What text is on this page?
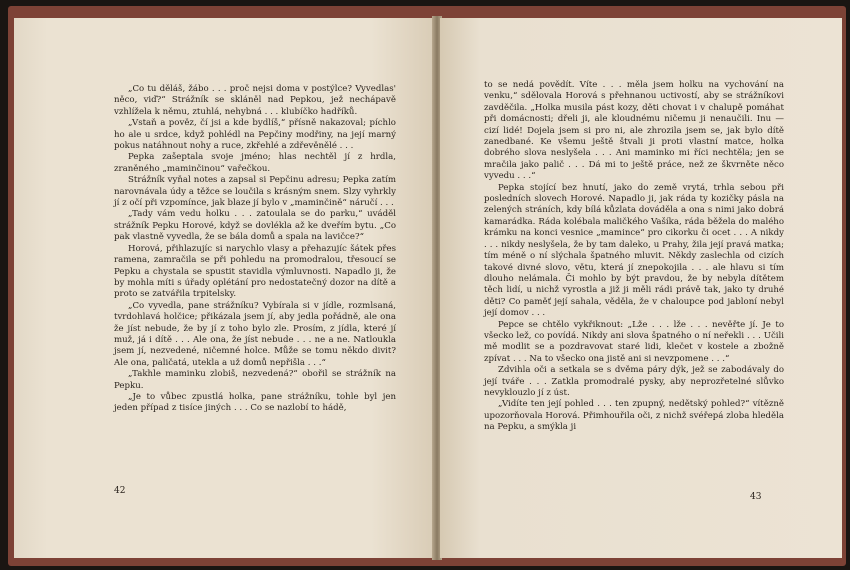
„Co tu děláš, žábo . . . proč nejsi doma v postýlce? Vyvedlas' něco, viď?“ Strážník se skláněl nad Pepkou, jež nechápavě vzhlížela k němu, ztuhlá, nehybná . . . klubíčko hadříků.

„Vstaň a pověz, čí jsi a kde bydlíš,“ přísně nakazoval; píchlo ho ale u srdce, když pohlédl na Pepčiny modřiny, na její marný pokus natáhnout nohy a ruce, zkřehlé a zdřevěnělé . . .

Pepka zašeptala svoje jméno; hlas nechtěl jí z hrdla, zraněného „maminčinou“ vařečkou.

Strážník vyňal notes a zapsal si Pepčinu adresu; Pepka zatím narovnávala údy a těžce se loučila s krásným snem. Slzy vyhrkly jí z očí při vzpomínce, jak blaze jí bylo v „maminčině“ náručí . . .

„Tady vám vedu holku . . . zatoulala se do parku,“ uváděl strážník Pepku Horové, když se dovlékla až ke dveřím bytu. „Co pak vlastně vyvedla, že se bála domů a spala na lavičce?“

Horová, přihlazujíc si narychlo vlasy a přehazujíc šátek přes ramena, zamračila se při pohledu na promodralou, třesoucí se Pepku a chystala se spustit stavidla výmluvnosti. Napadlo ji, že by mohla míti s úřady oplétání pro nedostatečný dozor na dítě a proto se zatvářila trpitelsky.

„Co vyvedla, pane strážníku? Vybírala si v jídle, rozmlsaná, tvrdohlavá holčice; přikázala jsem jí, aby jedla pořádně, ale ona že jíst nebude, že by jí z toho bylo zle. Prosím, z jídla, které jí muž, já i dítě . . . Ale ona, že jíst nebude . . . ne a ne. Natloukla jsem jí, nezvedené, ničemné holce. Může se tomu někdo divit? Ale ona, paličatá, utekla a už domů nepřišla . . .“

„Takhle maminku zlobiš, nezvedená?“ obořil se strážník na Pepku.

„Je to vůbec zpustlá holka, pane strážníku, tohle byl jen jeden případ z tisíce jiných . . . Co se nazlobí to hádě,

42

to se nedá povědít. Víte . . . měla jsem holku na vychování na venku,“ sdělovala Horová s přehnanou uctivostí, aby se strážníkovi zavděčila. „Holka musila pást kozy, děti chovat i v chalupě pomáhat při domácnosti; dřeli ji, ale kloudnému ničemu ji nenaučili. Inu — cizí lidé! Dojela jsem si pro ni, ale zhrozila jsem se, jak bylo dítě zanedbané. Ke všemu ještě štvali ji proti vlastní matce, holka dobrého slova neslyšela . . . Ani maminko mi říci nechtěla; jen se mračila jako palič . . . Dá mi to ještě práce, než ze škvrněte něco vyvedu . . .“

Pepka stojící bez hnutí, jako do země vrytá, trhla sebou při posledních slovech Horové. Napadlo ji, jak ráda ty kozičky pásla na zelených stráních, kdy bílá kůzlata dováděla a ona s nimi jako dobrá kamarádka. Ráda kolébala maličkého Vašíka, ráda běžela do malého krámku na konci vesnice „mamince“ pro cikorku či ocet . . . A nikdy . . . nikdy neslyšela, že by tam daleko, u Prahy, žila její pravá matka; tím méně o ní slýchala špatného mluvit. Někdy zaslechla od cizích takové divné slovo, větu, která jí znepokojila . . . ale hlavu si tím dlouho nelámala. Či mohlo by být pravdou, že by nebyla dítětem těch lidí, u nichž vyrostla a již ji měli rádi právě tak, jako ty druhé děti? Co paměť její sahala, věděla, že v chaloupce pod jabloní nebyl její domov . . .

Pepce se chtělo vykřiknout: „Lže . . . lže . . . nevěřte jí. Je to všecko lež, co povídá. Nikdy ani slova špatného o ní neřekli . . . Učili mě modlit se a pozdravovat staré lidi, klečet v kostele a zbožně zpívat . . . Na to všecko ona jistě ani si nevzpomene . . .“

Zdvihla oči a setkala se s dvěma páry dýk, jež se zabodávaly do její tváře . . . Zatkla promodralé pysky, aby neprozřetelné slůvko nevyklouzlo jí z úst.

„Vidíte ten její pohled . . . ten zpupný, nedětský pohled?“ vítězně upozorňovala Horová. Přimhouřila oči, z nichž svéřepá zloba hleděla na Pepku, a smýkla ji

43
